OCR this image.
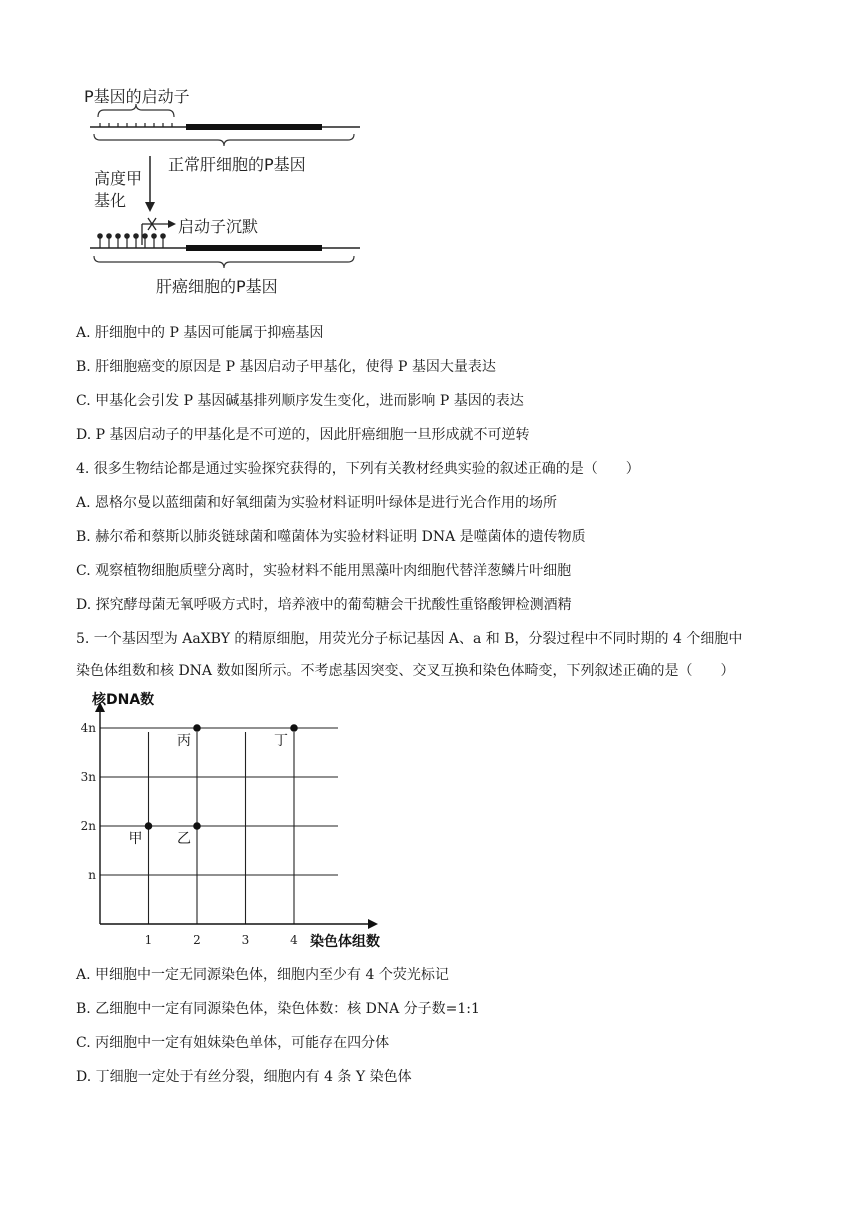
P基因的启动子
正常肝细胞的P基因
高度甲
基化
启动子沉默
肝癌细胞的P基因
A. 肝细胞中的 P 基因可能属于抑癌基因
B. 肝细胞癌变的原因是 P 基因启动子甲基化，使得 P 基因大量表达
C. 甲基化会引发 P 基因碱基排列顺序发生变化，进而影响 P 基因的表达
D. P 基因启动子的甲基化是不可逆的，因此肝癌细胞一旦形成就不可逆转
4. 很多生物结论都是通过实验探究获得的，下列有关教材经典实验的叙述正确的是（　　）
A. 恩格尔曼以蓝细菌和好氧细菌为实验材料证明叶绿体是进行光合作用的场所
B. 赫尔希和蔡斯以肺炎链球菌和噬菌体为实验材料证明 DNA 是噬菌体的遗传物质
C. 观察植物细胞质壁分离时，实验材料不能用黑藻叶肉细胞代替洋葱鳞片叶细胞
D. 探究酵母菌无氧呼吸方式时，培养液中的葡萄糖会干扰酸性重铬酸钾检测酒精
5. 一个基因型为 AaXBY 的精原细胞，用荧光分子标记基因 A、a 和 B，分裂过程中不同时期的 4 个细胞中
染色体组数和核 DNA 数如图所示。不考虑基因突变、交叉互换和染色体畸变，下列叙述正确的是（　　）
核DNA数
染色体组数
1	2	3	4
n
2n
3n
4n
甲 乙
丙	丁
A. 甲细胞中一定无同源染色体，细胞内至少有 4 个荧光标记
B. 乙细胞中一定有同源染色体，染色体数：核 DNA 分子数=1:1
C. 丙细胞中一定有姐妹染色单体，可能存在四分体
D. 丁细胞一定处于有丝分裂，细胞内有 4 条 Y 染色体
